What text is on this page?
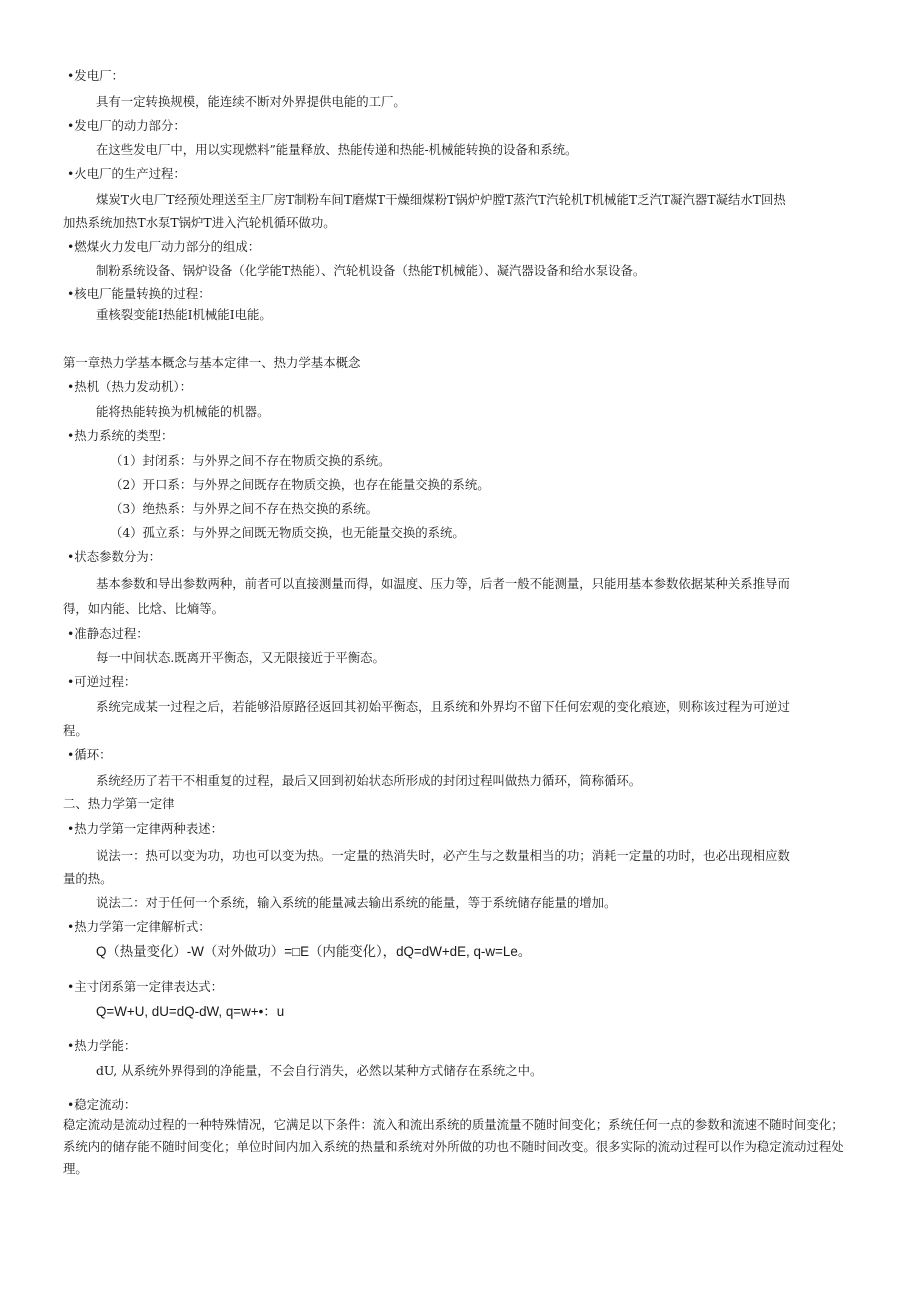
•发电厂：
具有一定转换规模，能连续不断对外界提供电能的工厂。
•发电厂的动力部分：
在这些发电厂中，用以实现燃料”能量释放、热能传递和热能-机械能转换的设备和系统。
•火电厂的生产过程：
煤炭T火电厂T经预处理送至主厂房T制粉车间T磨煤T干燥细煤粉T锅炉炉膛T蒸汽T汽轮机T机械能T乏汽T凝汽器T凝结水T回热
加热系统加热T水泵T锅炉T进入汽轮机循环做功。
•燃煤火力发电厂动力部分的组成：
制粉系统设备、锅炉设备（化学能T热能）、汽轮机设备（热能T机械能）、凝汽器设备和给水泵设备。
•核电厂能量转换的过程：
重核裂变能I热能I机械能I电能。
第一章热力学基本概念与基本定律一、热力学基本概念
•热机（热力发动机）：
能将热能转换为机械能的机器。
•热力系统的类型：
（1）封闭系：与外界之间不存在物质交换的系统。
（2）开口系：与外界之间既存在物质交换，也存在能量交换的系统。
（3）绝热系：与外界之间不存在热交换的系统。
（4）孤立系：与外界之间既无物质交换，也无能量交换的系统。
•状态参数分为：
基本参数和导出参数两种，前者可以直接测量而得，如温度、压力等，后者一般不能测量，只能用基本参数依据某种关系推导而
得，如内能、比焓、比熵等。
•准静态过程：
每一中间状态.既离开平衡态，又无限接近于平衡态。
•可逆过程：
系统完成某一过程之后，若能够沿原路径返回其初始平衡态，且系统和外界均不留下任何宏观的变化痕迹，则称该过程为可逆过
程。
•循环：
系统经历了若干不相重复的过程，最后又回到初始状态所形成的封闭过程叫做热力循环，简称循环。
二、热力学第一定律
•热力学第一定律两种表述：
说法一：热可以变为功，功也可以变为热。一定量的热消失时，必产生与之数量相当的功；消耗一定量的功时，也必出现相应数
量的热。
说法二：对于任何一个系统，输入系统的能量减去输出系统的能量，等于系统储存能量的增加。
•热力学第一定律解析式：
Q（热量变化）-W（对外做功）=□E（内能变化），dQ=dW+dE, q-w=Le。
•主寸闭系第一定律表达式：
Q=W+U, dU=dQ-dW, q=w+•：u
•热力学能：
dU, 从系统外界得到的净能量，不会自行消失，必然以某种方式储存在系统之中。
•稳定流动：
稳定流动是流动过程的一种特殊情况，它满足以下条件：流入和流出系统的质量流量不随时间变化；系统任何一点的参数和流速不随时间变化；系统内的储存能不随时间变化；单位时间内加入系统的热量和系统对外所做的功也不随时间改变。很多实际的流动过程可以作为稳定流动过程处理。
